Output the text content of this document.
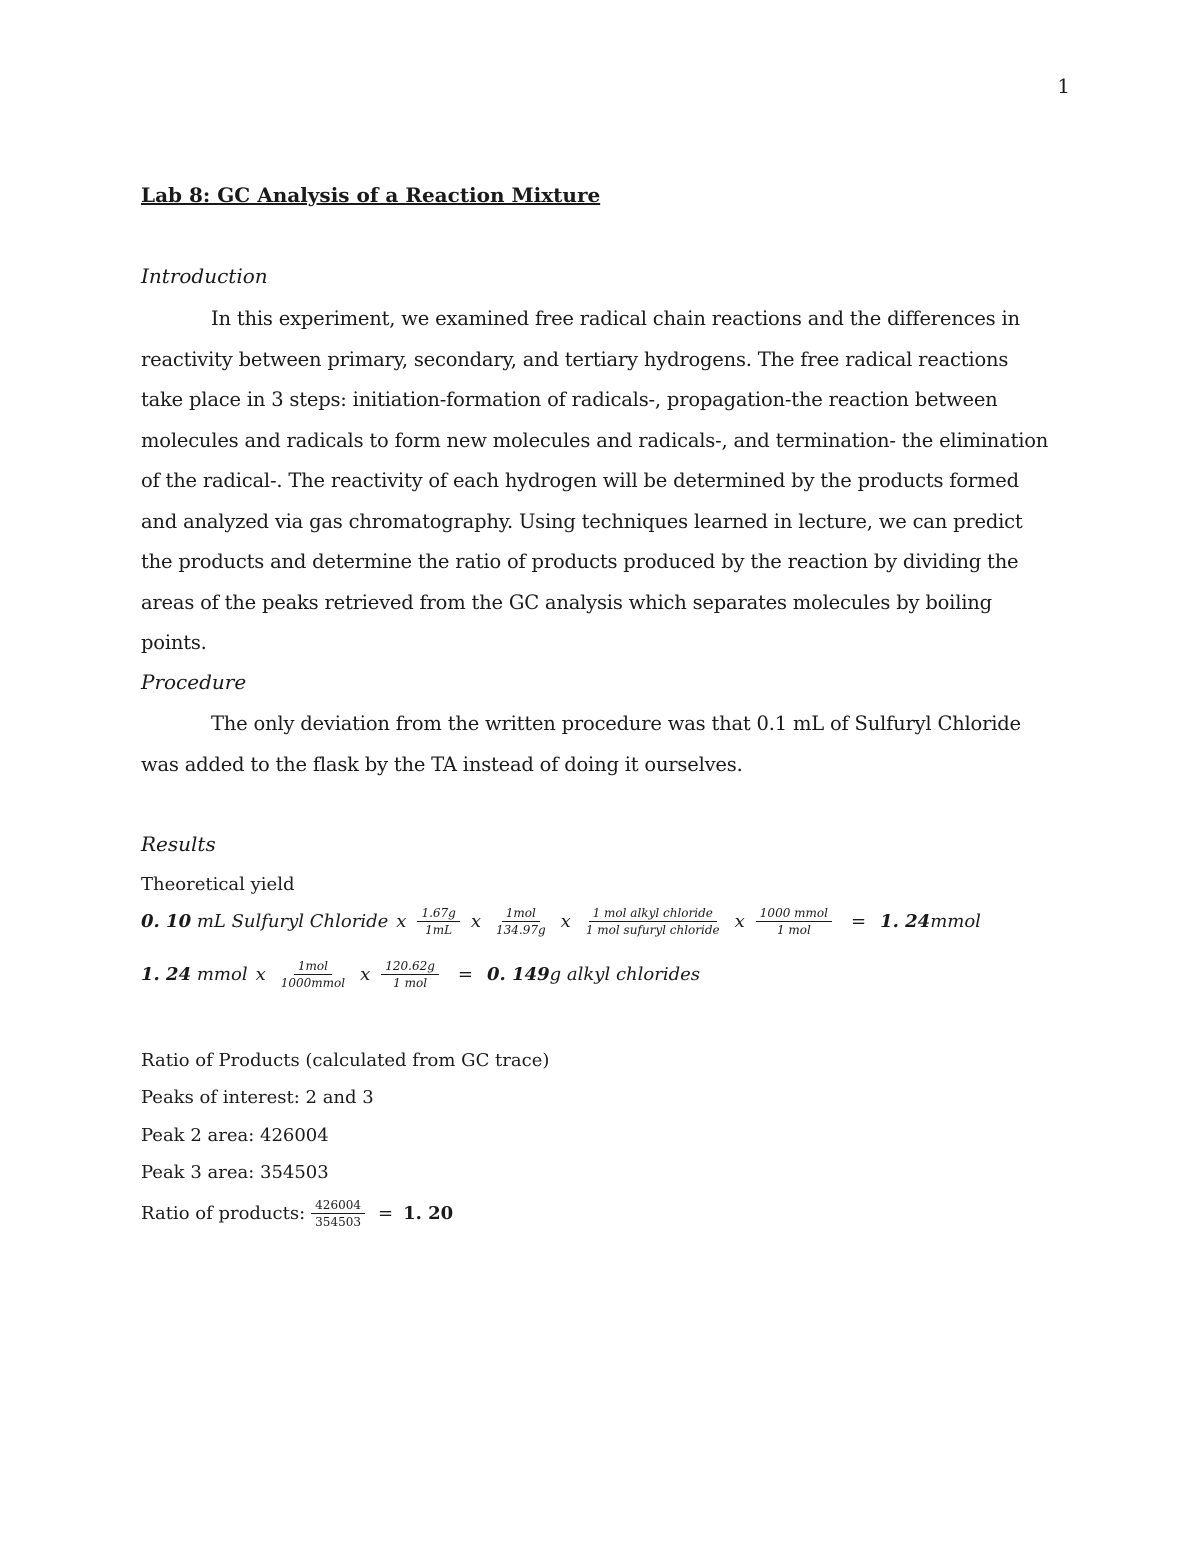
1
Lab 8: GC Analysis of a Reaction Mixture
Introduction

In this experiment, we examined free radical chain reactions and the differences in reactivity between primary, secondary, and tertiary hydrogens. The free radical reactions take place in 3 steps: initiation-formation of radicals-, propagation-the reaction between molecules and radicals to form new molecules and radicals-, and termination- the elimination of the radical-. The reactivity of each hydrogen will be determined by the products formed and analyzed via gas chromatography. Using techniques learned in lecture, we can predict the products and determine the ratio of products produced by the reaction by dividing the areas of the peaks retrieved from the GC analysis which separates molecules by boiling points.

Procedure

The only deviation from the written procedure was that 0.1 mL of Sulfuryl Chloride was added to the flask by the TA instead of doing it ourselves.

Results

Theoretical yield

0. 10
mL Sulfuryl Chloride x $\frac{1.67g}{1mL}$ x $\frac{\text{1mol}}{134.97g}$ x $\frac{\text{1 mol alkyl chloride}}{\text{1 mol sufuryl chloride}}$ x $\frac{\text{1000 mmol}}{\text{1 mol}} = 1$. 24 mmol
1. 24
mmol x $\frac{\text{1mol}}{\text{1000mmol}}$ x $\frac{120.62g}{\text{1 mol}} = 0$. 149 g alkyl chlorides

Ratio of Products (calculated from GC trace)

Peaks of interest: 2 and 3

Peak 2 area: 426004

Peak 3 area: 354503

Ratio of products: $\frac{426004}{354503} = 1$. 20
